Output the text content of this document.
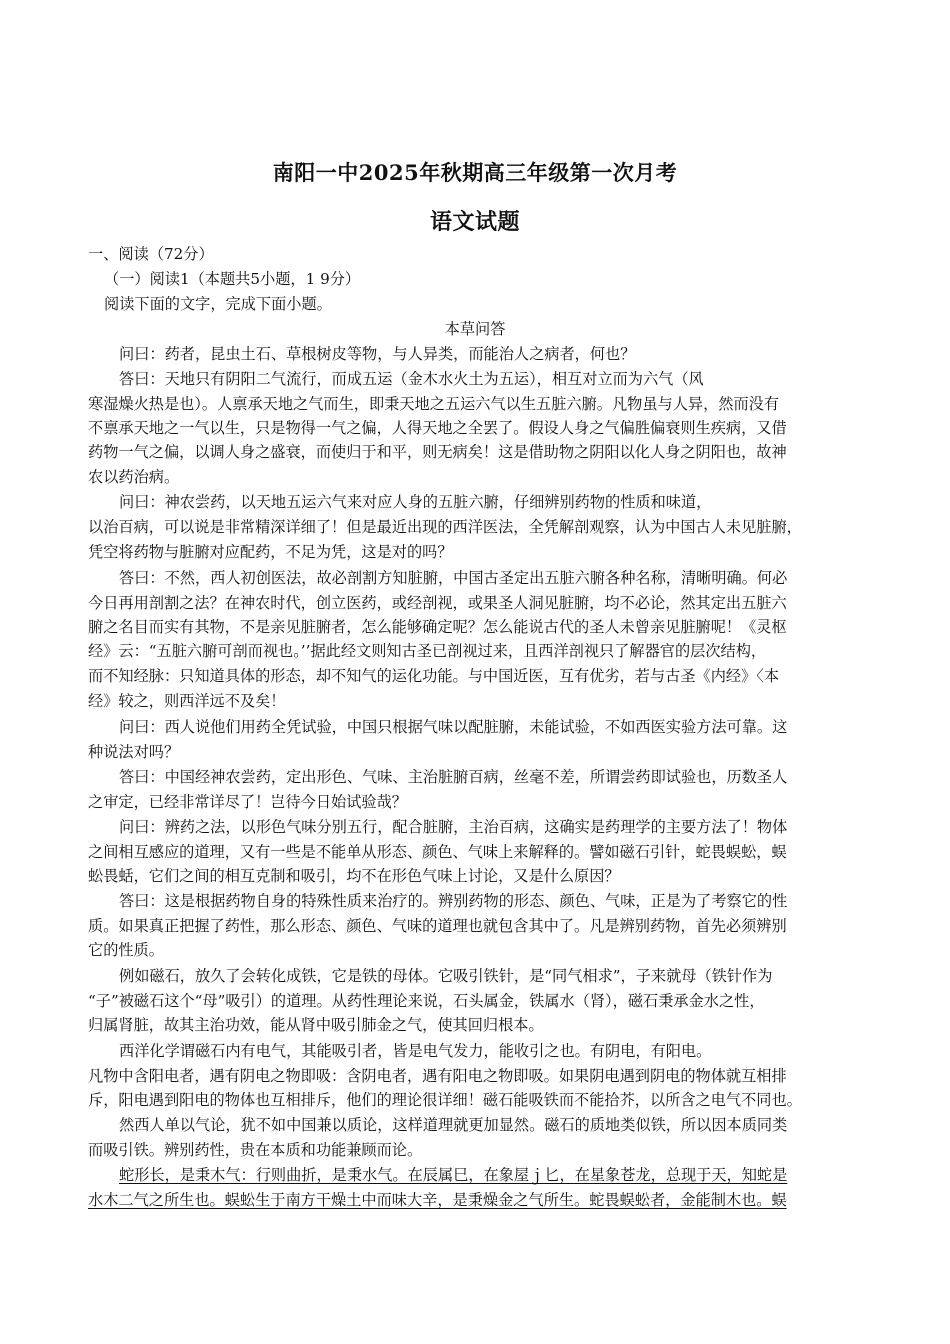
南阳一中2025年秋期高三年级第一次月考
语文试题
一、阅读（72分）
（一）阅读1（本题共5小题，1 9分）
阅读下面的文字，完成下面小题。
本草问答
问曰：药者，昆虫土石、草根树皮等物，与人异类，而能治人之病者，何也？
答曰：天地只有阴阳二气流行，而成五运（金木水火土为五运），相互对立而为六气（风
寒湿燥火热是也）。人禀承天地之气而生，即秉天地之五运六气以生五脏六腑。凡物虽与人异，然而没有
不禀承天地之一气以生，只是物得一气之偏，人得天地之全罢了。假设人身之气偏胜偏衰则生疾病，又借
药物一气之偏，以调人身之盛衰，而使归于和平，则无病矣！这是借助物之阴阳以化人身之阴阳也，故神
农以药治病。
问曰：神农尝药，以天地五运六气来对应人身的五脏六腑，仔细辨别药物的性质和味道，
以治百病，可以说是非常精深详细了！但是最近出现的西洋医法，全凭解剖观察，认为中国古人未见脏腑，
凭空将药物与脏腑对应配药，不足为凭，这是对的吗？
答曰：不然，西人初创医法，故必剖割方知脏腑，中国古圣定出五脏六腑各种名称，清晰明确。何必
今日再用剖割之法？在神农时代，创立医药，或经剖视，或果圣人洞见脏腑，均不必论，然其定出五脏六
腑之名目而实有其物，不是亲见脏腑者，怎么能够确定呢？怎么能说古代的圣人未曾亲见脏腑呢！《灵枢
经》云：“五脏六腑可剖而视也。’’据此经文则知古圣已剖视过来，且西洋剖视只了解器官的层次结构，
而不知经脉：只知道具体的形态，却不知气的运化功能。与中国近医，互有优劣，若与古圣《内经》〈本
经》较之，则西洋远不及矣！
问曰：西人说他们用药全凭试验，中国只根据气味以配脏腑，未能试验，不如西医实验方法可靠。这
种说法对吗？
答曰：中国经神农尝药，定出形色、气味、主治脏腑百病，丝毫不差，所谓尝药即试验也，历数圣人
之审定，已经非常详尽了！岂待今日始试验哉？
问曰：辨药之法，以形色气味分别五行，配合脏腑，主治百病，这确实是药理学的主要方法了！物体
之间相互感应的道理，又有一些是不能单从形态、颜色、气味上来解释的。譬如磁石引针，蛇畏蜈蚣，蜈
蚣畏蛞，它们之间的相互克制和吸引，均不在形色气味上讨论，又是什么原因？
答曰：这是根据药物自身的特殊性质来治疗的。辨别药物的形态、颜色、气味，正是为了考察它的性
质。如果真正把握了药性，那么形态、颜色、气味的道理也就包含其中了。凡是辨别药物，首先必须辨别
它的性质。
例如磁石，放久了会转化成铁，它是铁的母体。它吸引铁针，是“同气相求”，子来就母（铁针作为
“子”被磁石这个“母”吸引）的道理。从药性理论来说，石头属金，铁属水（肾），磁石秉承金水之性，
归属肾脏，故其主治功效，能从肾中吸引肺金之气，使其回归根本。
西洋化学谓磁石内有电气，其能吸引者，皆是电气发力，能收引之也。有阴电，有阳电。
凡物中含阳电者，遇有阴电之物即吸：含阴电者，遇有阳电之物即吸。如果阴电遇到阴电的物体就互相排
斥，阳电遇到阳电的物体也互相排斥，他们的理论很详细！磁石能吸铁而不能拾芥，以所含之电气不同也。
然西人单以气论，犹不如中国兼以质论，这样道理就更加显然。磁石的质地类似铁，所以因本质同类
而吸引铁。辨别药性，贵在本质和功能兼顾而论。
蛇形长，是秉木气：行则曲折，是秉水气。在辰属巳，在象屋ｊ匕，在星象苍龙，总现于天，知蛇是
水木二气之所生也。蜈蚣生于南方干燥土中而味大辛，是秉燥金之气所生。蛇畏蜈蚣者，金能制木也。蜈
